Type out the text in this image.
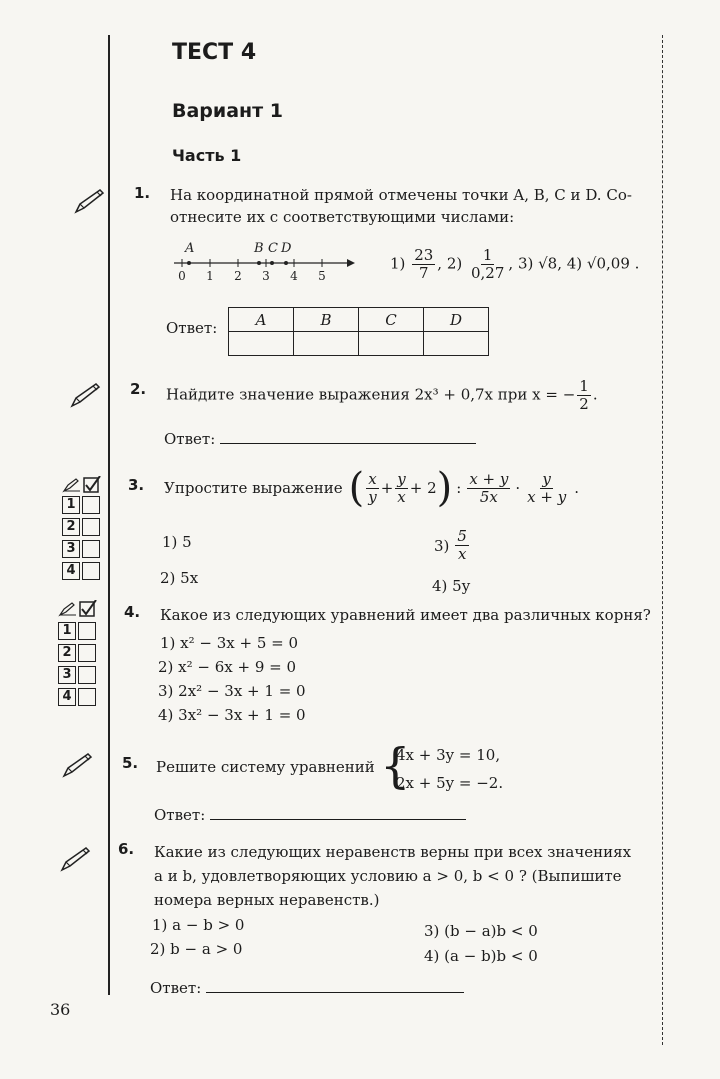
ТЕСТ 4
Вариант 1
Часть 1
1. На координатной прямой отмечены точки A, B, C и D. Со-
отнесите их с соответствующими числами:
A	B C D
0 1 2 3 4 5
$1) \frac{23}{7}$ , $2) \frac{1}{0,27}$ , 3) √8, 4) √0,09 .
Ответ:	A	B	C	D

2. Найдите значение выражения 2x³ + 0,7x при x = − $\frac{1}{2}$ .
Ответ:
1
2
3
4
3. Упростите выражение ( $\frac{x}{y} + \frac{y}{x} + 2$ ) : $\frac{x + y}{5x} \cdot \frac{y}{x + y}$ .
1) 5
2) 5x
$3) \frac{5}{x}$
4) 5y
1
2
3
4
4. Какое из следующих уравнений имеет два различных корня?
1) x² − 3x + 5 = 0
2) x² − 6x + 9 = 0
3) 2x² − 3x + 1 = 0
4) 3x² − 3x + 1 = 0
5. Решите систему уравнений {
4x + 3y = 10,
2x + 5y = −2.
Ответ:
6. Какие из следующих неравенств верны при всех значениях
a и b, удовлетворяющих условию a > 0, b < 0 ? (Выпишите
номера верных неравенств.)
1) a − b > 0
2) b − a > 0
3) (b − a)b < 0
4) (a − b)b < 0
Ответ:
36
